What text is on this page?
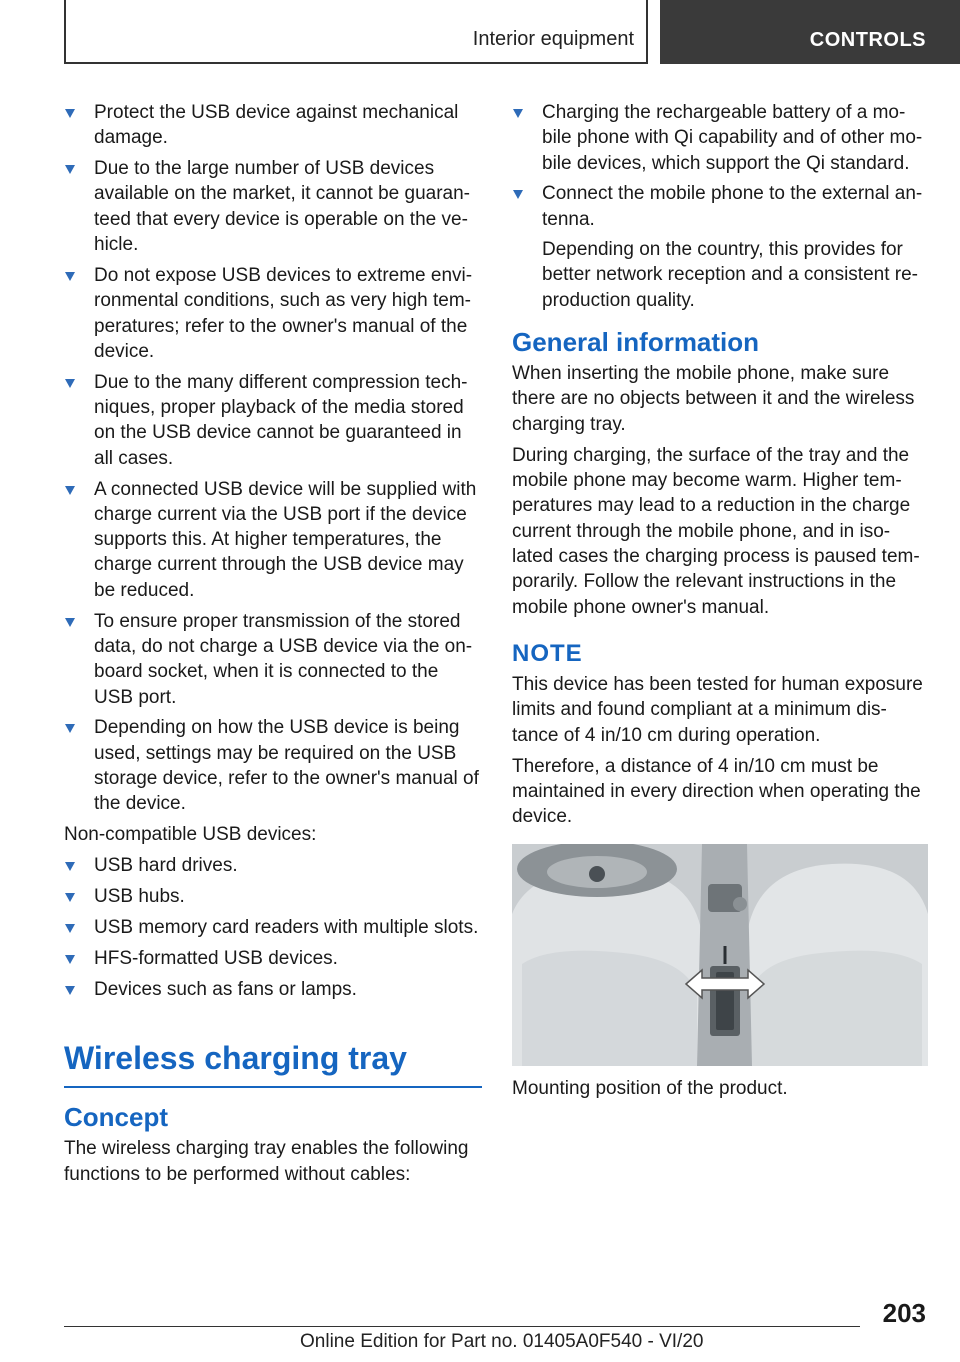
Interior equipment	CONTROLS
Protect the USB device against mechanical damage.
Due to the large number of USB devices available on the market, it cannot be guaran-teed that every device is operable on the ve-hicle.
Do not expose USB devices to extreme envi-ronmental conditions, such as very high tem-peratures; refer to the owner's manual of the device.
Due to the many different compression tech-niques, proper playback of the media stored on the USB device cannot be guaranteed in all cases.
A connected USB device will be supplied with charge current via the USB port if the device supports this. At higher temperatures, the charge current through the USB device may be reduced.
To ensure proper transmission of the stored data, do not charge a USB device via the on-board socket, when it is connected to the USB port.
Depending on how the USB device is being used, settings may be required on the USB storage device, refer to the owner's manual of the device.

Non-compatible USB devices:

USB hard drives.
USB hubs.
USB memory card readers with multiple slots.
HFS-formatted USB devices.
Devices such as fans or lamps.
Wireless charging tray
Concept

The wireless charging tray enables the following functions to be performed without cables:

Charging the rechargeable battery of a mo-bile phone with Qi capability and of other mo-bile devices, which support the Qi standard.
Connect the mobile phone to the external an-tenna.
Depending on the country, this provides for better network reception and a consistent re-production quality.
General information

When inserting the mobile phone, make sure there are no objects between it and the wireless charging tray.

During charging, the surface of the tray and the mobile phone may become warm. Higher tem-peratures may lead to a reduction in the charge current through the mobile phone, and in iso-lated cases the charging process is paused tem-porarily. Follow the relevant instructions in the mobile phone owner's manual.

NOTE

This device has been tested for human exposure limits and found compliant at a minimum dis-tance of 4 in/10 cm during operation.

Therefore, a distance of 4 in/10 cm must be maintained in every direction when operating the device.

Mounting position of the product.
203
Online Edition for Part no. 01405A0F540 - VI/20
